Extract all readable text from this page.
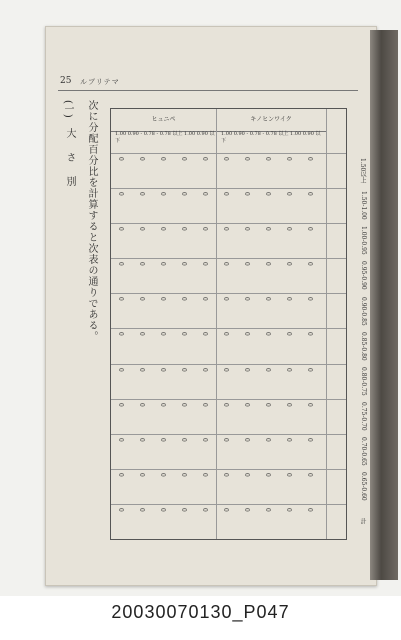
25 ルブリテマ
(一)
大さ別 次に分配百分比を計算すると次表の通りである。	ヒュニペ	キノヒンワイク
1.00 0.90 - 0.78 - 0.78 以上 1.00 0.90 以下
1.00 0.90 - 0.78 - 0.78 以上 1.00 0.90 以下
1.50以上
0 0 0 0 0 0 0 0 0 0
1.50-1.00
0 0 0 0 0 0 0 0 0 0
1.00-0.95
0 0 0 0 0 0 0 0 0 0
0.95-0.90
0 0 0 0 0 0 0 0 0 0
0.90-0.85
0 0 0 0 0 0 0 0 0 0
0.85-0.80
0 0 0 0 0 0 0 0 0 0
0.80-0.75
0 0 0 0 0 0 0 0 0 0
0.75-0.70
0 0 0 0 0 0 0 0 0 0
0.70-0.65
0 0 0 0 0 0 0 0 0 0
0.65-0.60
0 0 0 0 0 0 0 0 0 0
計
0 0 0 0 0 0 0 0 0 0
20030070130_P047
